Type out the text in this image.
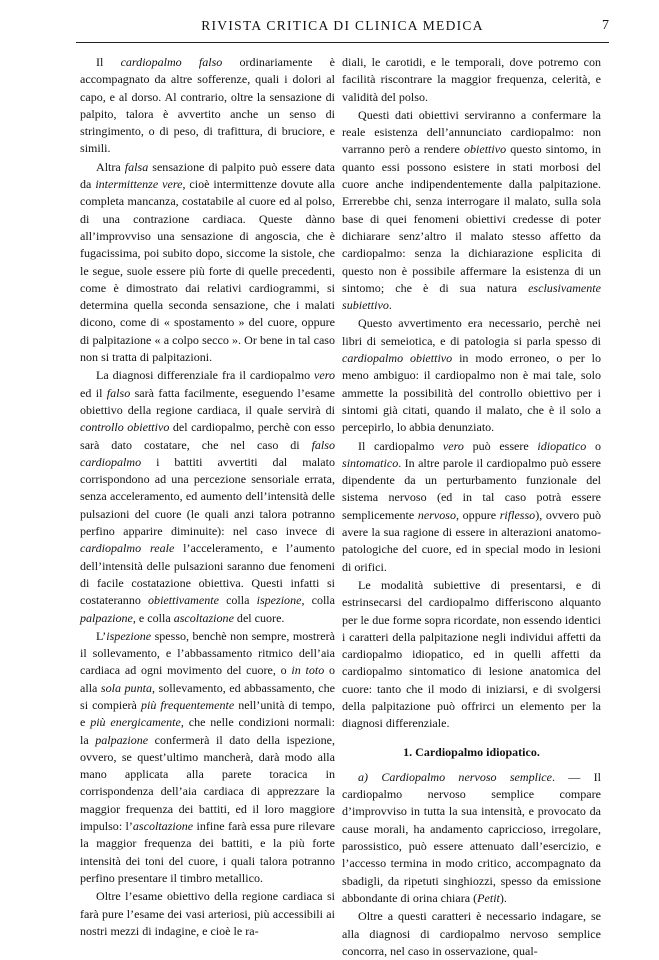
RIVISTA CRITICA DI CLINICA MEDICA	7

Il cardiopalmo falso ordinariamente è accompagnato da altre sofferenze, quali i dolori al capo, e al dorso. Al contrario, oltre la sensazione di palpito, talora è avvertito anche un senso di stringimento, o di peso, di trafittura, di bruciore, e simili.

Altra falsa sensazione di palpito può essere data da intermittenze vere, cioè intermittenze dovute alla completa mancanza, costatabile al cuore ed al polso, di una contrazione cardiaca. Queste dànno all’improvviso una sensazione di angoscia, che è fugacissima, poi subito dopo, siccome la sistole, che le segue, suole essere più forte di quelle precedenti, come è dimostrato dai relativi cardiogrammi, si determina quella seconda sensazione, che i malati dicono, come di « spostamento » del cuore, oppure di palpitazione « a colpo secco ». Or bene in tal caso non si tratta di palpitazioni.

La diagnosi differenziale fra il cardiopalmo vero ed il falso sarà fatta facilmente, eseguendo l’esame obiettivo della regione cardiaca, il quale servirà di controllo obiettivo del cardiopalmo, perchè con esso sarà dato costatare, che nel caso di falso cardiopalmo i battiti avvertiti dal malato corrispondono ad una percezione sensoriale errata, senza acceleramento, ed aumento dell’intensità delle pulsazioni del cuore (le quali anzi talora potranno perfino apparire diminuite): nel caso invece di cardiopalmo reale l’acceleramento, e l’aumento dell’intensità delle pulsazioni saranno due fenomeni di facile costatazione obiettiva. Questi infatti si costateranno obiettivamente colla ispezione, colla palpazione, e colla ascoltazione del cuore.

L’ispezione spesso, benchè non sempre, mostrerà il sollevamento, e l’abbassamento ritmico dell’aia cardiaca ad ogni movimento del cuore, o in toto o alla sola punta, sollevamento, ed abbassamento, che si compierà più frequentemente nell’unità di tempo, e più energicamente, che nelle condizioni normali: la palpazione confermerà il dato della ispezione, ovvero, se quest’ultimo mancherà, darà modo alla mano applicata alla parete toracica in corrispondenza dell’aia cardiaca di apprezzare la maggior frequenza dei battiti, ed il loro maggiore impulso: l’ascoltazione infine farà essa pure rilevare la maggior frequenza dei battiti, e la più forte intensità dei toni del cuore, i quali talora potranno perfino presentare il timbro metallico.

Oltre l’esame obiettivo della regione cardiaca si farà pure l’esame dei vasi arteriosi, più accessibili ai nostri mezzi di indagine, e cioè le ra-

diali, le carotidi, e le temporali, dove potremo con facilità riscontrare la maggior frequenza, celerità, e validità del polso.

Questi dati obiettivi serviranno a confermare la reale esistenza dell’annunciato cardiopalmo: non varranno però a rendere obiettivo questo sintomo, in quanto essi possono esistere in stati morbosi del cuore anche indipendentemente dalla palpitazione. Errerebbe chi, senza interrogare il malato, sulla sola base di quei fenomeni obiettivi credesse di poter dichiarare senz’altro il malato stesso affetto da cardiopalmo: senza la dichiarazione esplicita di questo non è possibile affermare la esistenza di un sintomo; che è di sua natura esclusivamente subiettivo.

Questo avvertimento era necessario, perchè nei libri di semeiotica, e di patologia si parla spesso di cardiopalmo obiettivo in modo erroneo, o per lo meno ambiguo: il cardiopalmo non è mai tale, solo ammette la possibilità del controllo obiettivo per i sintomi già citati, quando il malato, che è il solo a percepirlo, lo abbia denunziato.

Il cardiopalmo vero può essere idiopatico o sintomatico. In altre parole il cardiopalmo può essere dipendente da un perturbamento funzionale del sistema nervoso (ed in tal caso potrà essere semplicemente nervoso, oppure riflesso), ovvero può avere la sua ragione di essere in alterazioni anatomo-patologiche del cuore, ed in special modo in lesioni di orifici.

Le modalità subiettive di presentarsi, e di estrinsecarsi del cardiopalmo differiscono alquanto per le due forme sopra ricordate, non essendo identici i caratteri della palpitazione negli individui affetti da cardiopalmo idiopatico, ed in quelli affetti da cardiopalmo sintomatico di lesione anatomica del cuore: tanto che il modo di iniziarsi, e di svolgersi della palpitazione può offrirci un elemento per la diagnosi differenziale.

1. Cardiopalmo idiopatico.

a) Cardiopalmo nervoso semplice. — Il cardiopalmo nervoso semplice compare d’improvviso in tutta la sua intensità, e provocato da cause morali, ha andamento capriccioso, irregolare, parossistico, può essere attenuato dall’esercizio, e l’accesso termina in modo critico, accompagnato da sbadigli, da ripetuti singhiozzi, spesso da emissione abbondante di orina chiara (Petit).

Oltre a questi caratteri è necessario indagare, se alla diagnosi di cardiopalmo nervoso semplice concorra, nel caso in osservazione, qual-
